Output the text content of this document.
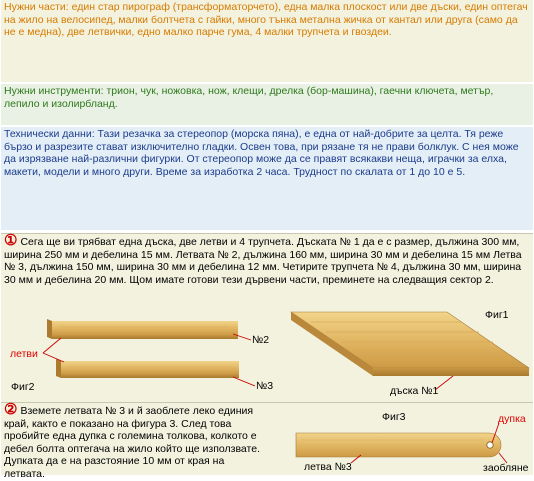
Нужни части: един стар пирограф (трансформаторчето), една малка плоскост или две дъски, един оптегач на жило на велосипед, малки болтчета с гайки, много тънка метална жичка от кантал или друга (само да не е медна), две летвички, едно малко парче гума, 4 малки трупчета и гвоздеи.
Нужни инструменти: трион, чук, ножовка, нож, клещи, дрелка (бор-машина), гаечни ключета, метър, лепило и изолирбланд.
Технически данни: Тази резачка за стереопор (морска пяна), е една от най-добрите за целта. Тя реже бързо и разрезите стават изключително гладки. Освен това, при рязане тя не прави болклук. С нея може да изрязване най-различни фигурки. От стереопор може да се правят всякакви неща, играчки за елха, макети, модели и много други. Време за изработка 2 часа. Трудност по скалата от 1 до 10 е 5.
① Сега ще ви трябват една дъска, две летви и 4 трупчета. Дъската № 1 да е с размер, дължина 300 мм, ширина 250 мм и дебелина 15 мм. Летвата № 2, дължина 160 мм, ширина 30 мм и дебелина 15 мм Летва № 3, дължина 150 мм, ширина 30 мм и дебелина 12 мм. Четирите трупчета № 4, дължина 30 мм, ширина 30 мм и дебелина 20 мм. Щом имате готови тези дървени части, преминете на следващия сектор 2.
Фиг1
летви
№2
№3
Фиг2	дъска №1
② Вземете летвата № 3 и й заоблете леко единия край, както е показано на фигура 3. След това пробийте една дупка с големина толкова, колкото е дебел болта оптегача на жило който ще използвате. Дупката да е на разстояние 10 мм от края на летвата.
Фиг3	дупка
летва №3	заобляне
